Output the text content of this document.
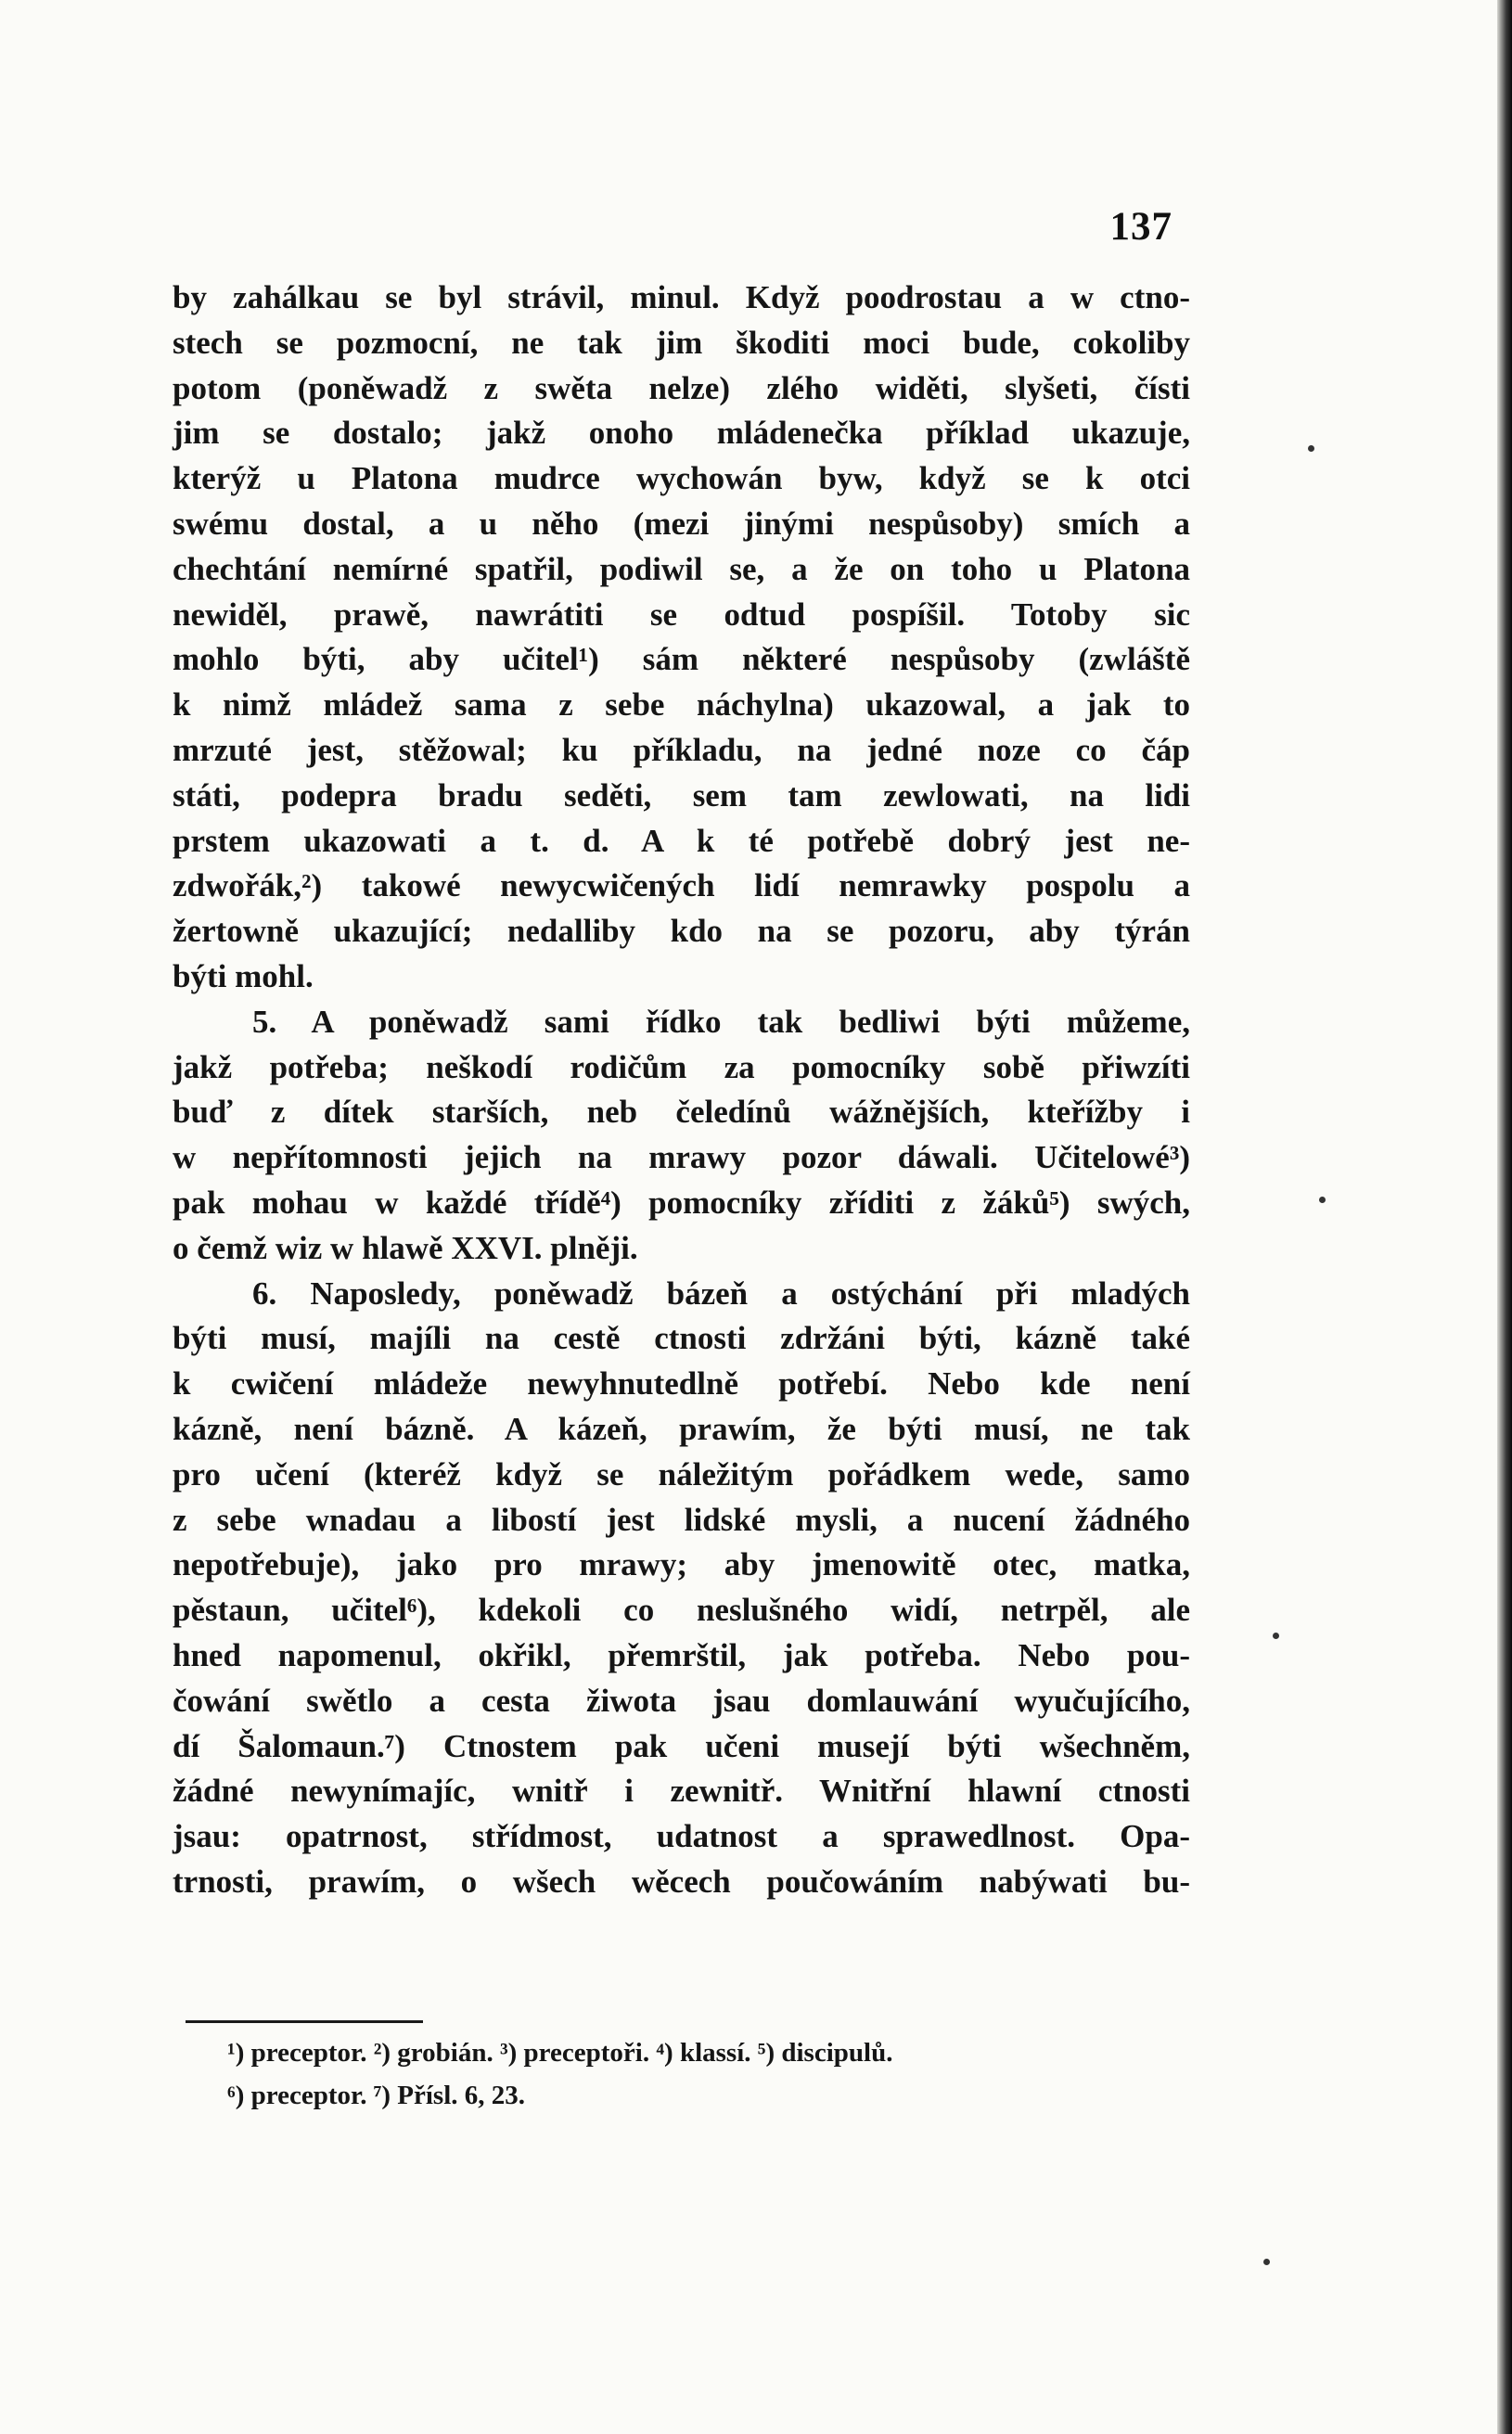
137
by zahálkau se byl strávil, minul. Když poodrostau a w ctno-
stech se pozmocní, ne tak jim škoditi moci bude, cokoliby
potom (poněwadž z swěta nelze) zlého widěti, slyšeti, čísti
jim se dostalo; jakž onoho mládenečka příklad ukazuje,
kterýž u Platona mudrce wychowán byw, když se k otci
swému dostal, a u něho (mezi jinými nespůsoby) smích a
chechtání nemírné spatřil, podiwil se, a že on toho u Platona
newiděl, prawě, nawrátiti se odtud pospíšil. Totoby sic
mohlo býti, aby učitel¹) sám některé nespůsoby (zwláště
k nimž mládež sama z sebe náchylna) ukazowal, a jak to
mrzuté jest, stěžowal; ku příkladu, na jedné noze co čáp
státi, podepra bradu seděti, sem tam zewlowati, na lidi
prstem ukazowati a t. d. A k té potřebě dobrý jest ne-
zdwořák,²) takowé newycwičených lidí nemrawky pospolu a
žertowně ukazující; nedalliby kdo na se pozoru, aby týrán
býti mohl.
5. A poněwadž sami řídko tak bedliwi býti můžeme,
jakž potřeba; neškodí rodičům za pomocníky sobě přiwzíti
buď z dítek starších, neb čeledínů wážnějších, kteřížby i
w nepřítomnosti jejich na mrawy pozor dáwali. Učitelowé³)
pak mohau w každé třídě⁴) pomocníky zříditi z žáků⁵) swých,
o čemž wiz w hlawě XXVI. plněji.
6. Naposledy, poněwadž bázeň a ostýchání při mladých
býti musí, majíli na cestě ctnosti zdržáni býti, kázně také
k cwičení mládeže newyhnutedlně potřebí. Nebo kde není
kázně, není bázně. A kázeň, prawím, že býti musí, ne tak
pro učení (kteréž když se náležitým pořádkem wede, samo
z sebe wnadau a libostí jest lidské mysli, a nucení žádného
nepotřebuje), jako pro mrawy; aby jmenowitě otec, matka,
pěstaun, učitel⁶), kdekoli co neslušného widí, netrpěl, ale
hned napomenul, okřikl, přemrštil, jak potřeba. Nebo pou-
čowání swětlo a cesta žiwota jsau domlauwání wyučujícího,
dí Šalomaun.⁷) Ctnostem pak učeni musejí býti wšechněm,
žádné newynímajíc, wnitř i zewnitř. Wnitřní hlawní ctnosti
jsau: opatrnost, střídmost, udatnost a sprawedlnost. Opa-
trnosti, prawím, o wšech wěcech poučowáním nabýwati bu-
¹) preceptor. ²) grobián. ³) preceptoři. ⁴) klassí. ⁵) discipulů.
⁶) preceptor. ⁷) Přísl. 6, 23.
